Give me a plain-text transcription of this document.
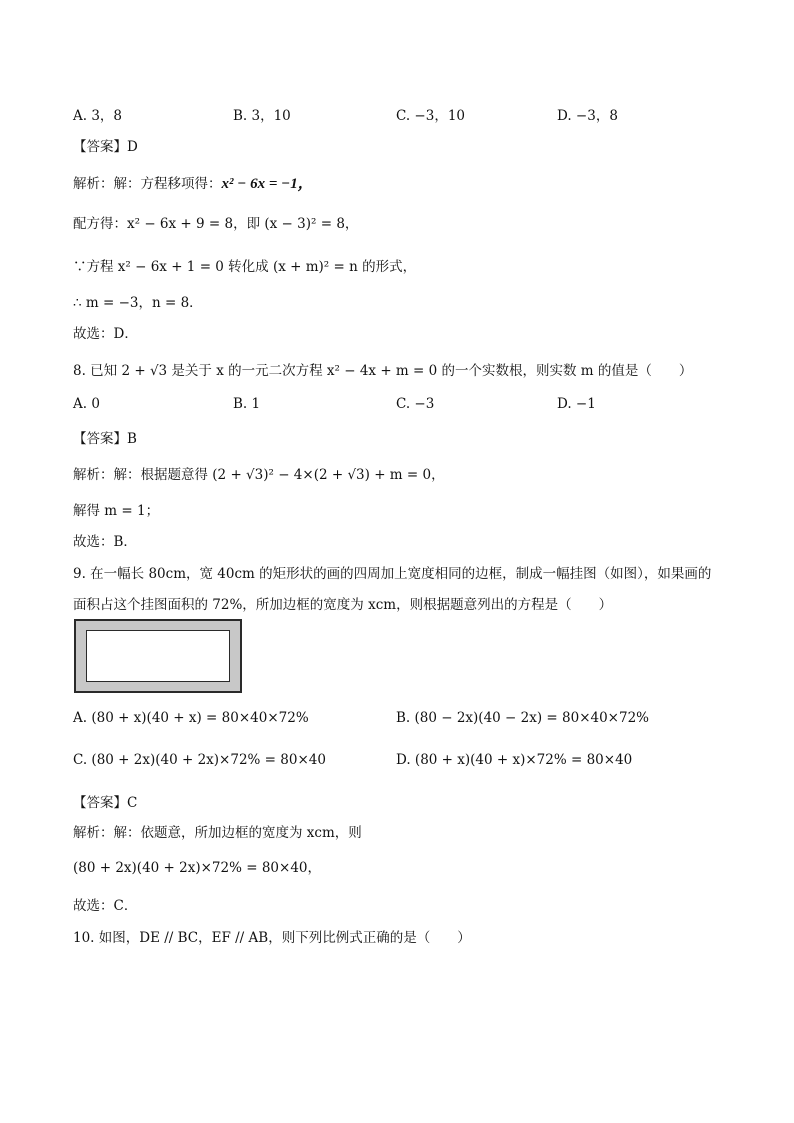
A. 3，8	B. 3，10	C. −3，10	D. −3，8
【答案】D
解析：解：方程移项得：x² − 6x = −1，
配方得：x² − 6x + 9 = 8，即 (x − 3)² = 8，
∵方程 x² − 6x + 1 = 0 转化成 (x + m)² = n 的形式，
∴ m = −3，n = 8．
故选：D．
8. 已知 2 + √3 是关于 x 的一元二次方程 x² − 4x + m = 0 的一个实数根，则实数 m 的值是（　　）
A. 0	B. 1	C. −3	D. −1
【答案】B
解析：解：根据题意得 (2 + √3)² − 4×(2 + √3) + m = 0，
解得 m = 1；
故选：B．
9. 在一幅长 80cm，宽 40cm 的矩形状的画的四周加上宽度相同的边框，制成一幅挂图（如图），如果画的
面积占这个挂图面积的 72%，所加边框的宽度为 xcm，则根据题意列出的方程是（　　）
A. (80 + x)(40 + x) = 80×40×72%	B. (80 − 2x)(40 − 2x) = 80×40×72%
C. (80 + 2x)(40 + 2x)×72% = 80×40	D. (80 + x)(40 + x)×72% = 80×40
【答案】C
解析：解：依题意，所加边框的宽度为 xcm，则
(80 + 2x)(40 + 2x)×72% = 80×40，
故选：C．
10. 如图，DE // BC，EF // AB，则下列比例式正确的是（　　）
